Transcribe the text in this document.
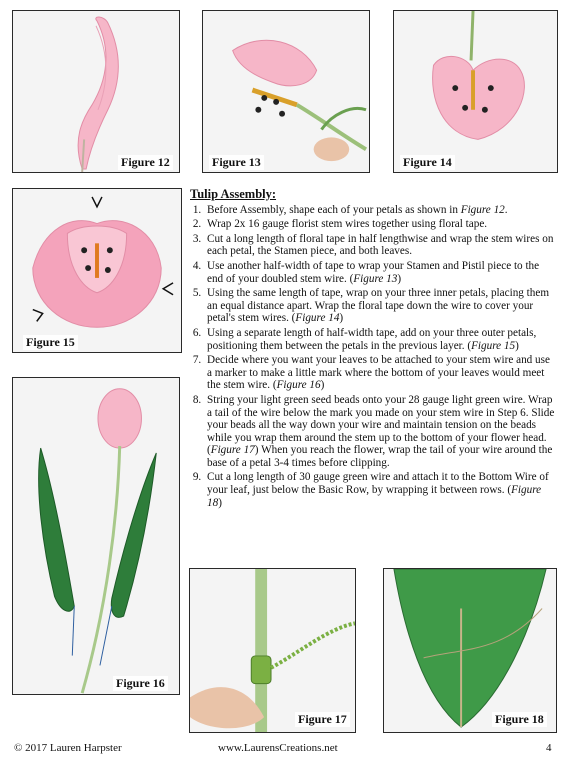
Figure 12	Figure 13	Figure 14
Figure 15
Figure 16
Figure 17	Figure 18
Tulip Assembly:
1. Before Assembly, shape each of your petals as shown in Figure 12.
2. Wrap 2x 16 gauge florist stem wires together using floral tape.
3. Cut a long length of floral tape in half lengthwise and wrap the stem wires on each petal, the Stamen piece, and both leaves.
4. Use another half-width of tape to wrap your Stamen and Pistil piece to the end of your doubled stem wire. (Figure 13)
5. Using the same length of tape, wrap on your three inner petals, placing them an equal distance apart. Wrap the floral tape down the wire to cover your petal's stem wires. (Figure 14)
6. Using a separate length of half-width tape, add on your three outer petals, positioning them between the petals in the previous layer. (Figure 15)
7. Decide where you want your leaves to be attached to your stem wire and use a marker to make a little mark where the bottom of your leaves would meet the stem wire. (Figure 16)
8. String your light green seed beads onto your 28 gauge light green wire. Wrap a tail of the wire below the mark you made on your stem wire in Step 6. Slide your beads all the way down your wire and maintain tension on the beads while you wrap them around the stem up to the bottom of your flower head. (Figure 17) When you reach the flower, wrap the tail of your wire around the base of a petal 3-4 times before clipping.
9. Cut a long length of 30 gauge green wire and attach it to the Bottom Wire of your leaf, just below the Basic Row, by wrapping it between rows. (Figure 18)
© 2017 Lauren Harpster	www.LaurensCreations.net	4
